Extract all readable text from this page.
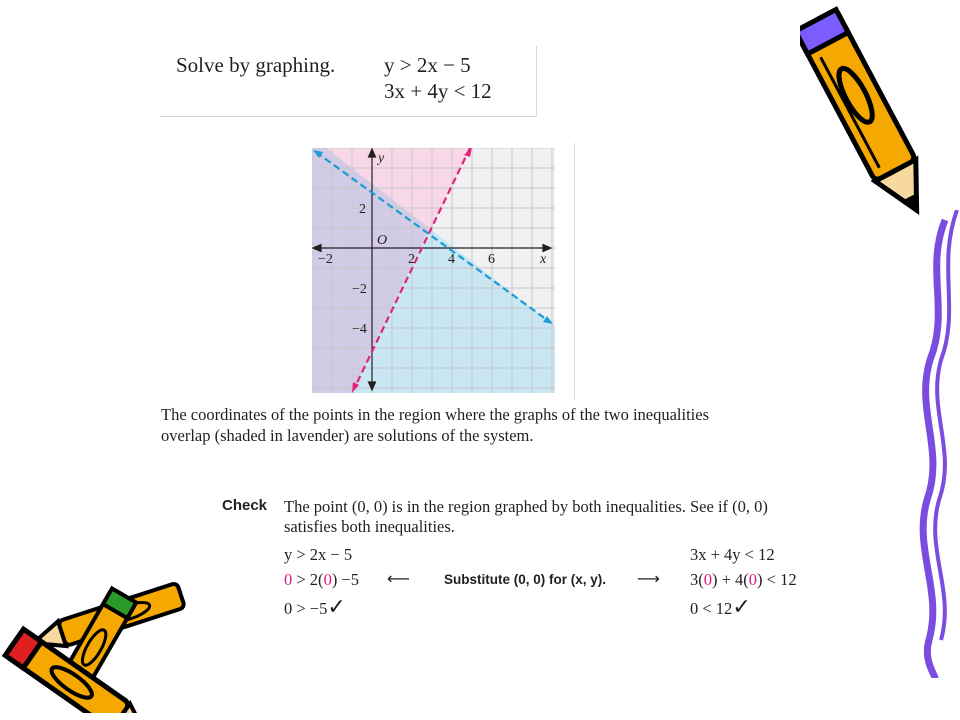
Solve by graphing. y > 2x − 5
3x + 4y < 12
y
x
O
−2	2 4 6
2
−2
−4
The coordinates of the points in the region where the graphs of the two inequalities overlap (shaded in lavender) are solutions of the system.
Check The point (0, 0) is in the region graphed by both inequalities. See if (0, 0) satisfies both inequalities.
y > 2x − 5
0 > 2(0) −5
0 > −5✓
⟵	Substitute (0, 0) for (x, y). ⟶
3x + 4y < 12
3(0) + 4(0) < 12
0 < 12✓
